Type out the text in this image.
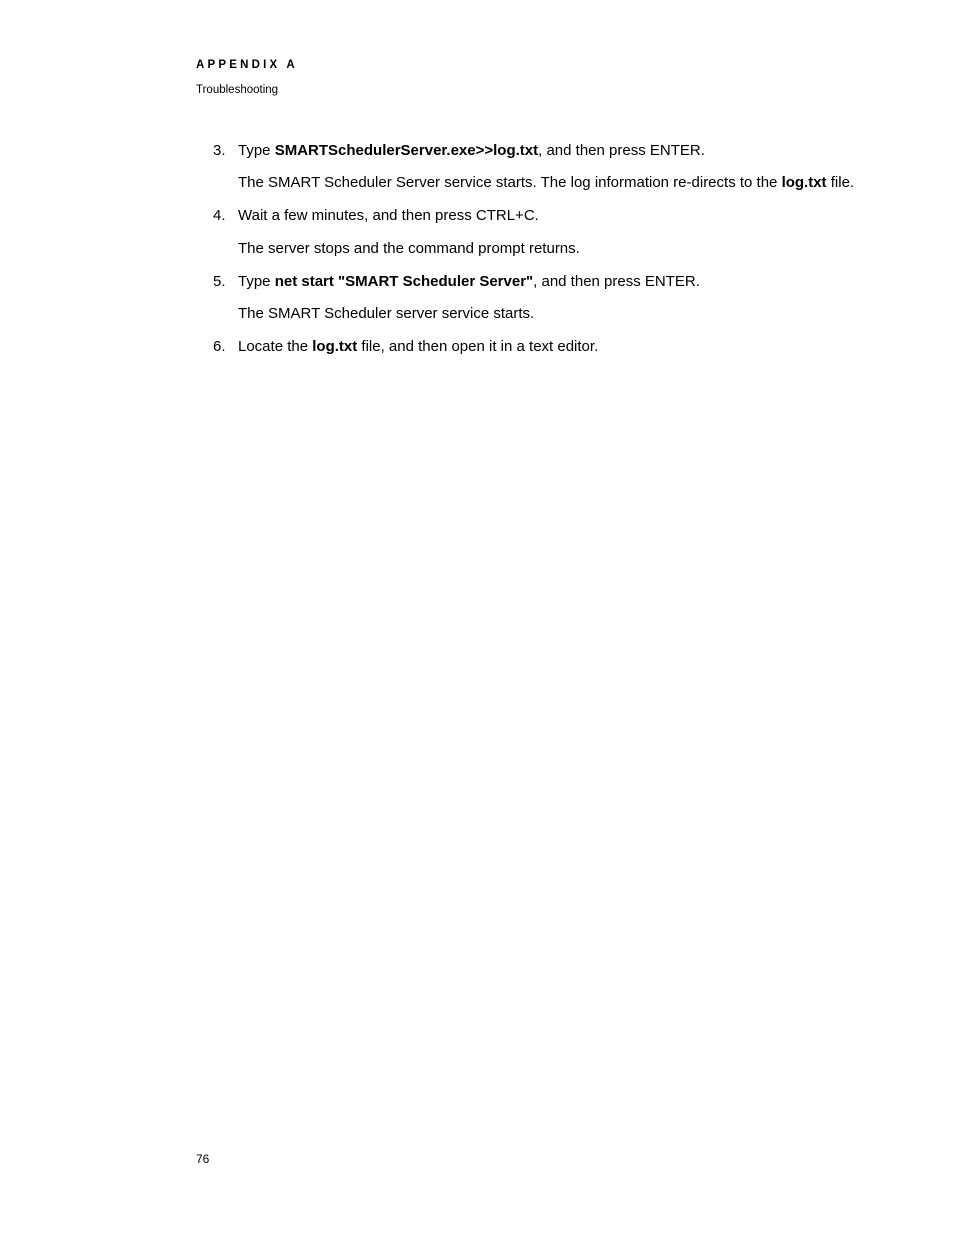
APPENDIX A
Troubleshooting
3. Type SMARTSchedulerServer.exe>>log.txt, and then press ENTER.
The SMART Scheduler Server service starts. The log information re-directs to the log.txt file.
4. Wait a few minutes, and then press CTRL+C.
The server stops and the command prompt returns.
5. Type net start "SMART Scheduler Server", and then press ENTER.
The SMART Scheduler server service starts.
6. Locate the log.txt file, and then open it in a text editor.
76
